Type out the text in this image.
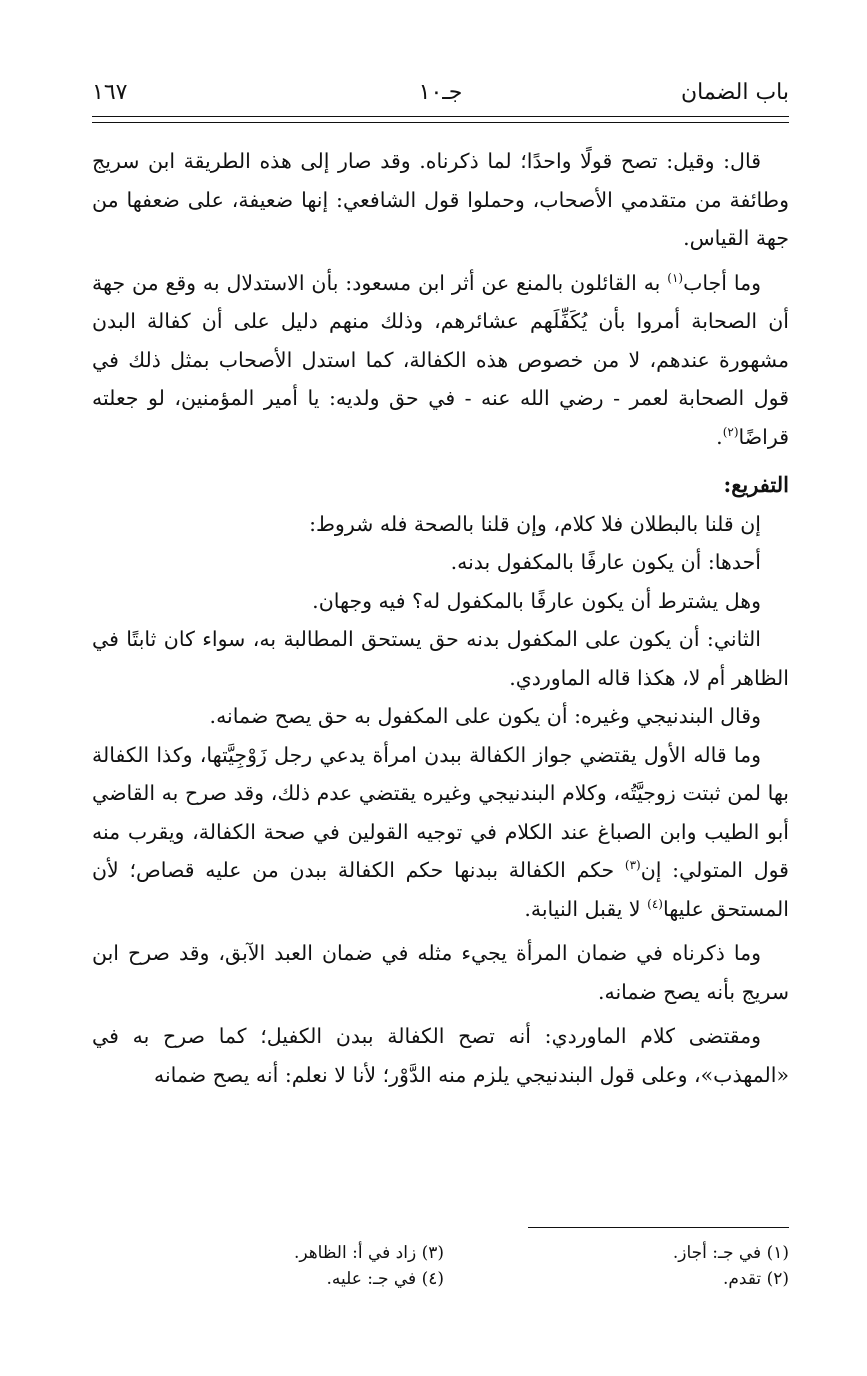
باب الضمان
جـ١٠
١٦٧

قال: وقيل: تصح قولًا واحدًا؛ لما ذكرناه. وقد صار إلى هذه الطريقة ابن سريج وطائفة من متقدمي الأصحاب، وحملوا قول الشافعي: إنها ضعيفة، على ضعفها من جهة القياس.

وما أجاب$^{(١)}$ به القائلون بالمنع عن أثر ابن مسعود: بأن الاستدلال به وقع من جهة أن الصحابة أمروا بأن يُكَفِّلَهم عشائرهم، وذلك منهم دليل على أن كفالة البدن مشهورة عندهم، لا من خصوص هذه الكفالة، كما استدل الأصحاب بمثل ذلك في قول الصحابة لعمر - رضي الله عنه - في حق ولديه: يا أمير المؤمنين، لو جعلته قراضًا$^{(٢)}$.

التفريع:

إن قلنا بالبطلان فلا كلام، وإن قلنا بالصحة فله شروط:

أحدها: أن يكون عارفًا بالمكفول بدنه.

وهل يشترط أن يكون عارفًا بالمكفول له؟ فيه وجهان.

الثاني: أن يكون على المكفول بدنه حق يستحق المطالبة به، سواء كان ثابتًا في الظاهر أم لا، هكذا قاله الماوردي.

وقال البندنيجي وغيره: أن يكون على المكفول به حق يصح ضمانه.

وما قاله الأول يقتضي جواز الكفالة ببدن امرأة يدعي رجل زَوْجِيَّتها، وكذا الكفالة بها لمن ثبتت زوجيَّتُه، وكلام البندنيجي وغيره يقتضي عدم ذلك، وقد صرح به القاضي أبو الطيب وابن الصباغ عند الكلام في توجيه القولين في صحة الكفالة، ويقرب منه قول المتولي: إن$^{(٣)}$ حكم الكفالة ببدنها حكم الكفالة ببدن من عليه قصاص؛ لأن المستحق عليها$^{(٤)}$ لا يقبل النيابة.

وما ذكرناه في ضمان المرأة يجيء مثله في ضمان العبد الآبق، وقد صرح ابن سريج بأنه يصح ضمانه.

ومقتضى كلام الماوردي: أنه تصح الكفالة ببدن الكفيل؛ كما صرح به في «المهذب»، وعلى قول البندنيجي يلزم منه الدَّوْر؛ لأنا لا نعلم: أنه يصح ضمانه

(١) في جـ: أجاز.
(٢) تقدم.
(٣) زاد في أ: الظاهر.
(٤) في جـ: عليه.
